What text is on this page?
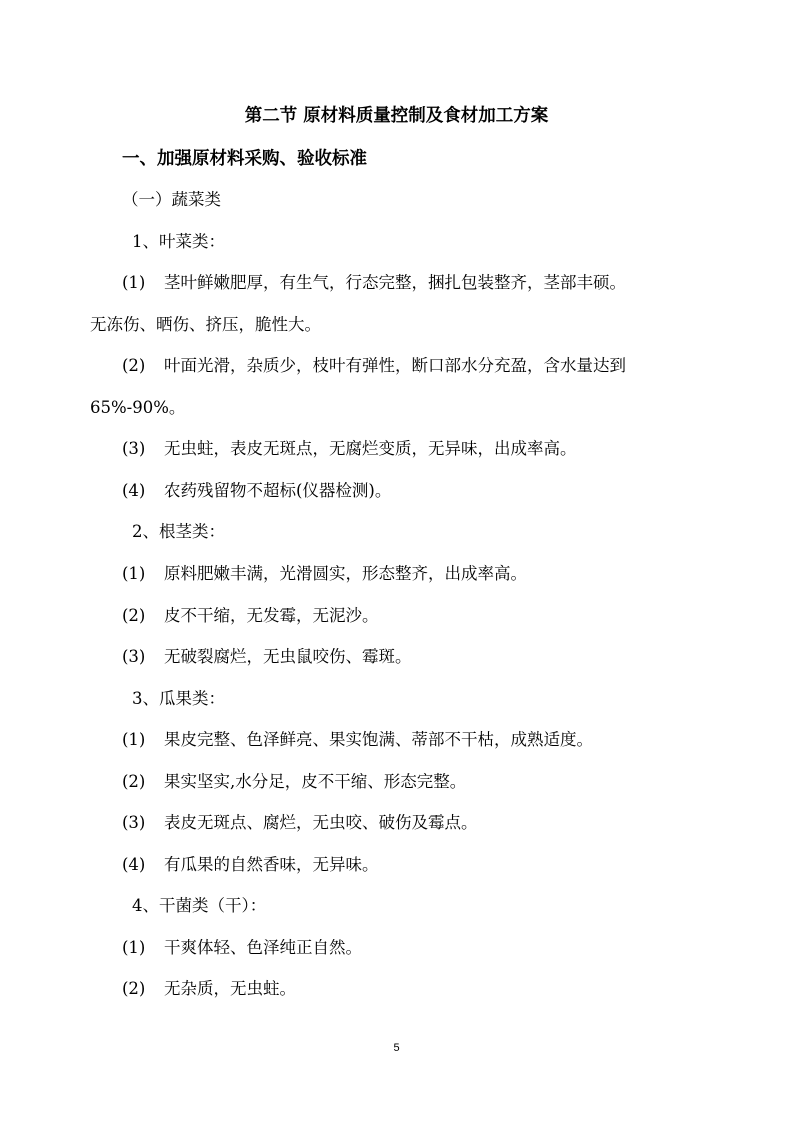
第二节 原材料质量控制及食材加工方案
一、加强原材料采购、验收标准
（一）蔬菜类
1、叶菜类：
(1) 茎叶鲜嫩肥厚，有生气，行态完整，捆扎包装整齐，茎部丰硕。
无冻伤、晒伤、挤压，脆性大。
(2) 叶面光滑，杂质少，枝叶有弹性，断口部水分充盈，含水量达到
65%-90%。
(3) 无虫蛀，表皮无斑点，无腐烂变质，无异味，出成率高。
(4) 农药残留物不超标(仪器检测)。
2、根茎类：
(1) 原料肥嫩丰满，光滑圆实，形态整齐，出成率高。
(2) 皮不干缩，无发霉，无泥沙。
(3) 无破裂腐烂，无虫鼠咬伤、霉斑。
3、瓜果类：
(1) 果皮完整、色泽鲜亮、果实饱满、蒂部不干枯，成熟适度。
(2) 果实坚实,水分足，皮不干缩、形态完整。
(3) 表皮无斑点、腐烂，无虫咬、破伤及霉点。
(4) 有瓜果的自然香味，无异味。
4、干菌类（干）：
(1) 干爽体轻、色泽纯正自然。
(2) 无杂质，无虫蛀。
5
